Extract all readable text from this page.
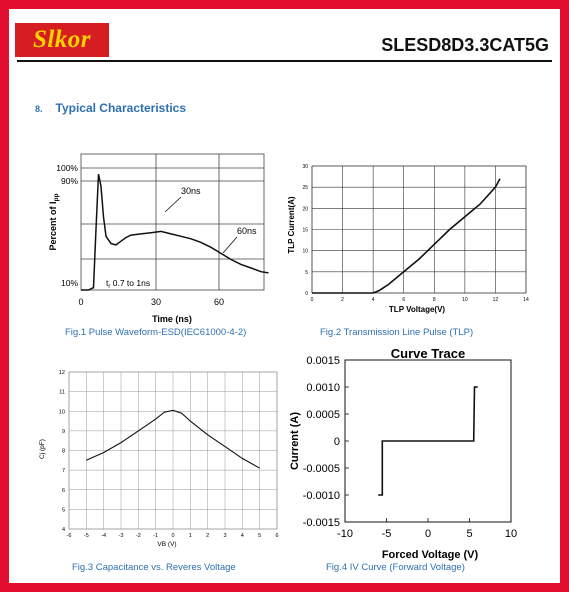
Slkor	SLESD8D3.3CAT5G
8. Typical Characteristics
100%
90%
10%
0	30	60
Time (ns)
Percent of $I_{pp}$
30ns
60ns
$t_r$ 0.7 to 1ns
Fig.1 Pulse Waveform-ESD(IEC61000-4-2)
0
5
10
15
20
25
30
0	2	4	6	8	10	12	14
TLP Voltage(V)
TLP Current(A)
Fig.2 Transmission Line Pulse (TLP)
4
5
6
7
8
9
10
11
12
-6 -5 -4 -3 -2 -1 0	1	2	3	4	5	6
VB (V)
Cj (pF)
Fig.3 Capacitance vs. Reveres Voltage
0.0015
0.0010
0.0005
0
-0.0005
-0.0010
-0.0015
-10	-5	0	5	10
Curve Trace
Forced Voltage (V)
Current (A)
Fig.4 IV Curve (Forward Voltage)
